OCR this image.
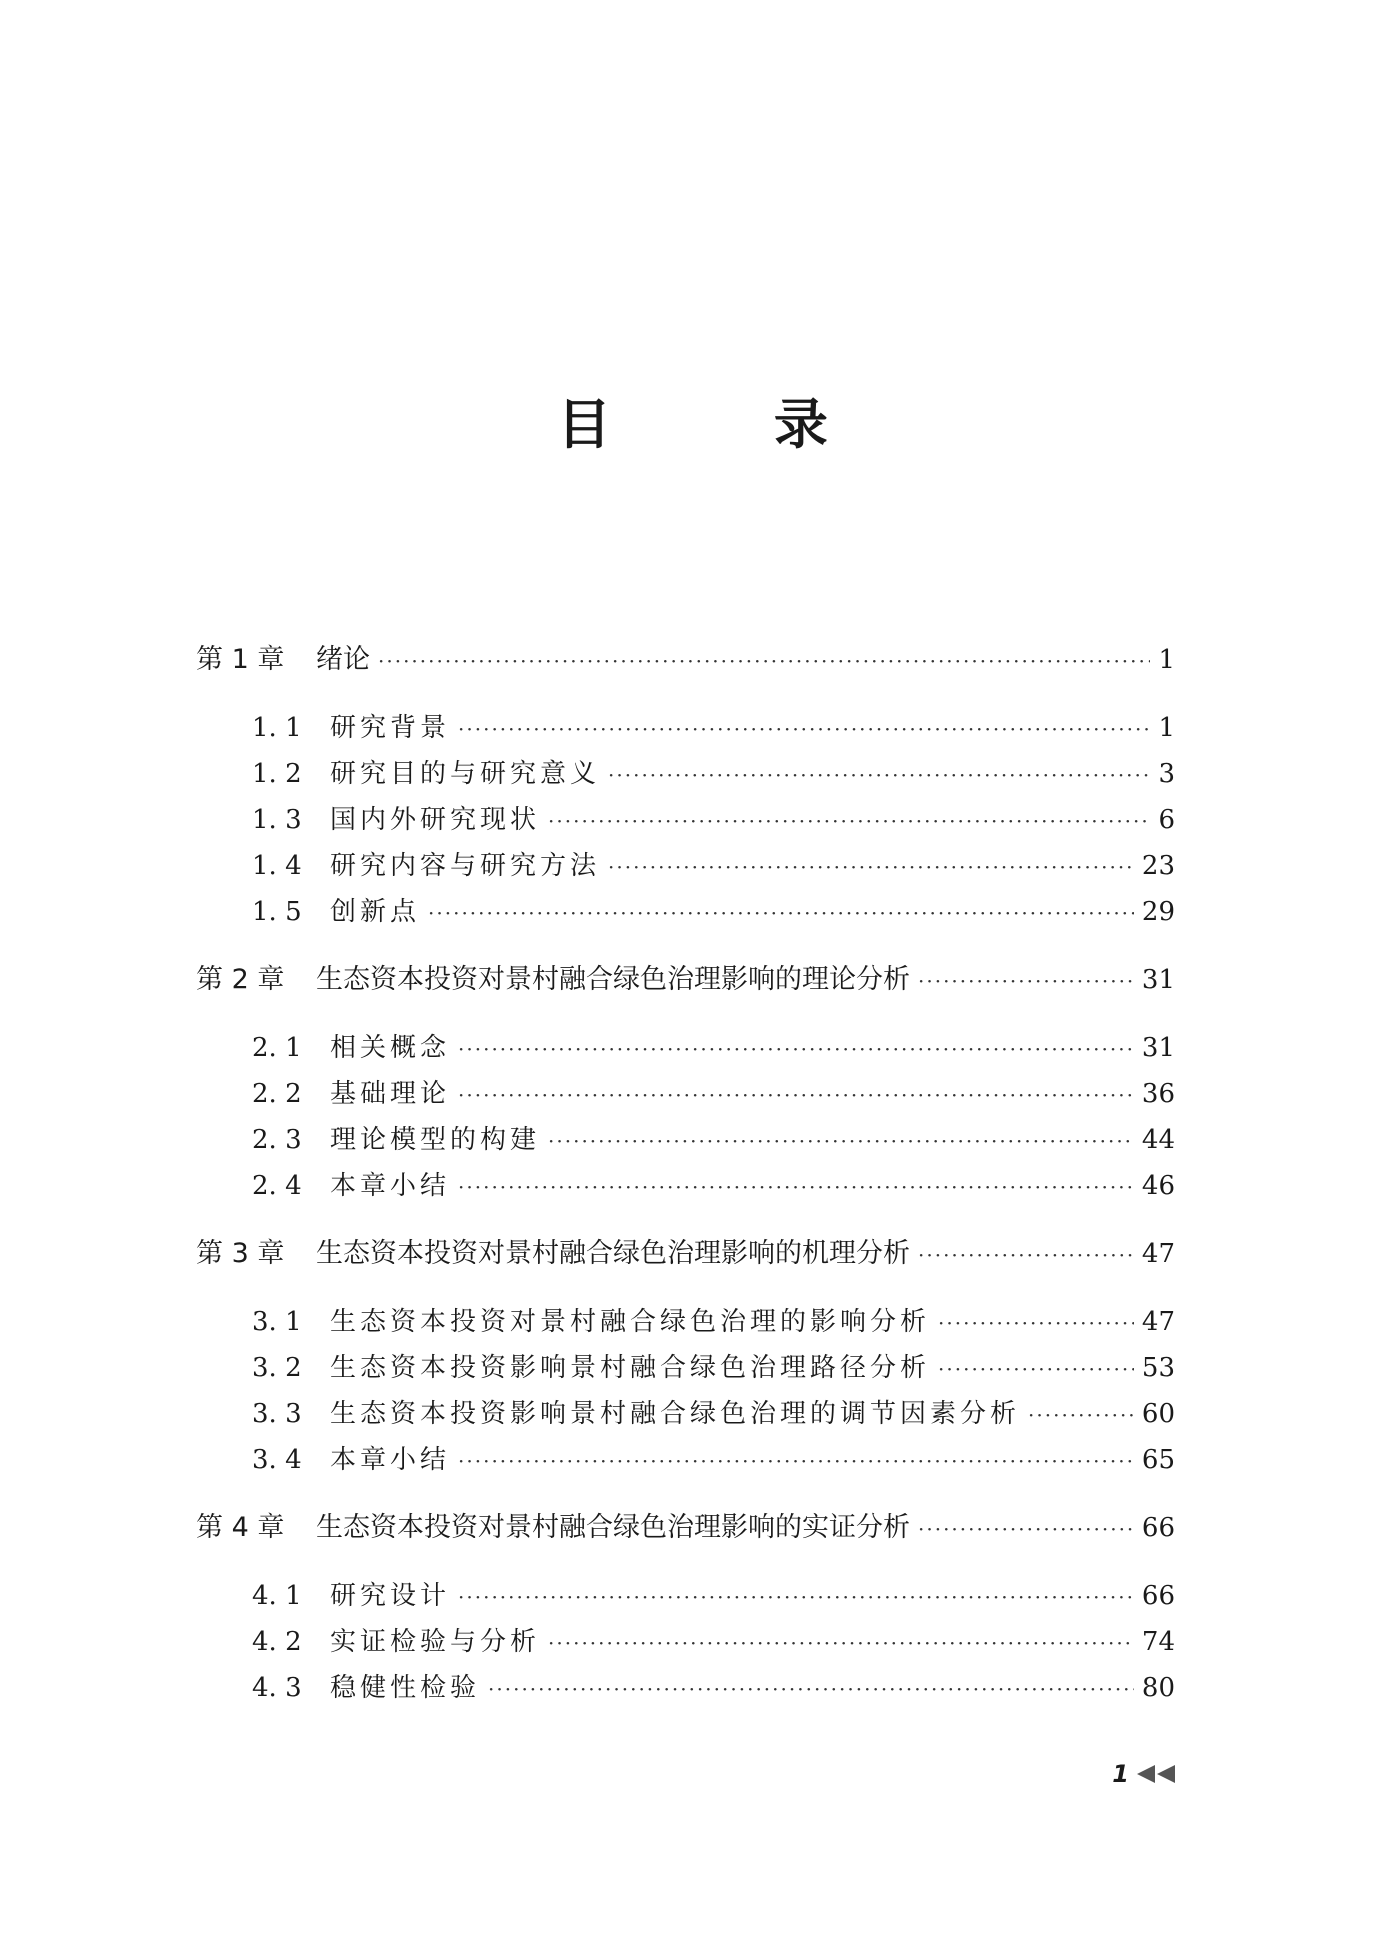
目 录
第 1 章	绪论 ·····	1
1. 1	研究背景 ·····	1
1. 2	研究目的与研究意义 ·····	3
1. 3	国内外研究现状 ·····	6
1. 4	研究内容与研究方法 ·····	23
1. 5	创新点 ·····	29
第 2 章	生态资本投资对景村融合绿色治理影响的理论分析 ·····	31
2. 1	相关概念 ·····	31
2. 2	基础理论 ·····	36
2. 3	理论模型的构建 ·····	44
2. 4	本章小结 ·····	46
第 3 章	生态资本投资对景村融合绿色治理影响的机理分析 ·····	47
3. 1	生态资本投资对景村融合绿色治理的影响分析 ·····	47
3. 2	生态资本投资影响景村融合绿色治理路径分析 ·····	53
3. 3	生态资本投资影响景村融合绿色治理的调节因素分析 ·····	60
3. 4	本章小结 ·····	65
第 4 章	生态资本投资对景村融合绿色治理影响的实证分析 ·····	66
4. 1	研究设计 ·····	66
4. 2	实证检验与分析 ·····	74
4. 3	稳健性检验 ·····	80
1
